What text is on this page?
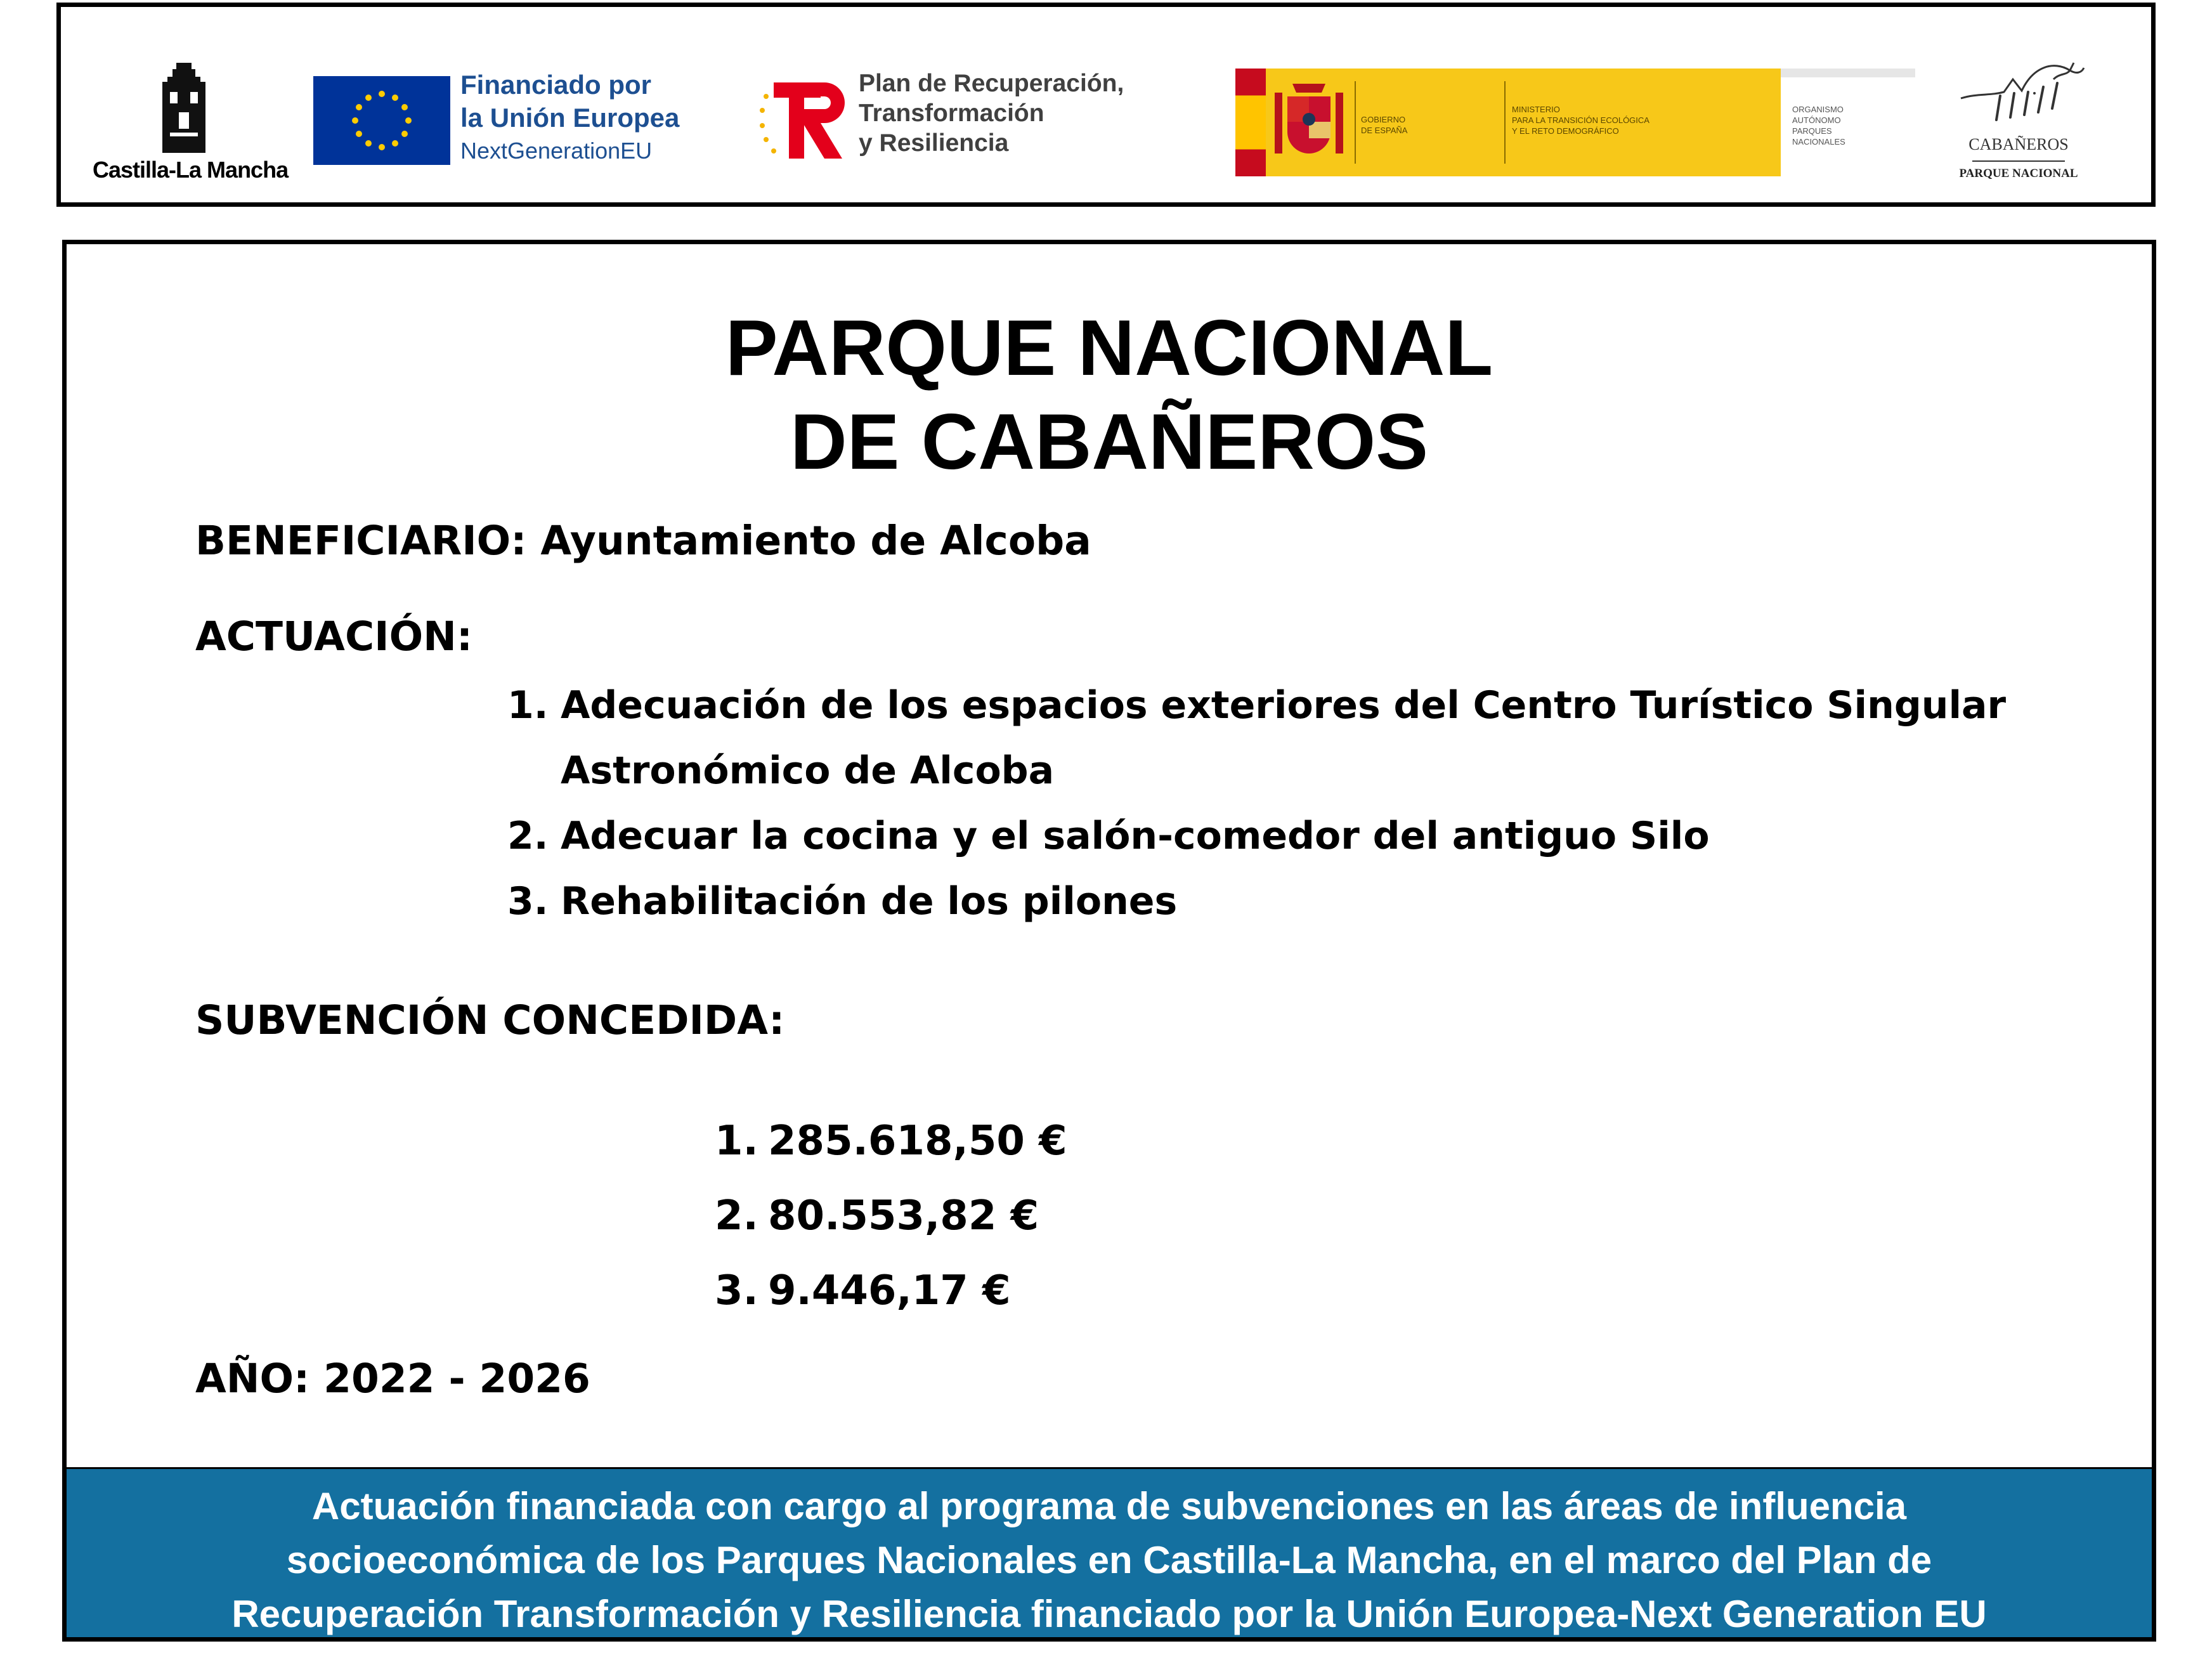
Castilla-La Mancha
Financiado por
la Unión Europea
NextGenerationEU
Plan de Recuperación,
Transformación
y Resiliencia
GOBIERNO
DE ESPAÑA
MINISTERIO
PARA LA TRANSICIÓN ECOLÓGICA
Y EL RETO DEMOGRÁFICO
ORGANISMO
AUTÓNOMO
PARQUES
NACIONALES	CABAÑEROS
PARQUE NACIONAL
PARQUE NACIONAL
DE CABAÑEROS
BENEFICIARIO: Ayuntamiento de Alcoba
ACTUACIÓN:
1. Adecuación de los espacios exteriores del Centro Turístico Singular
Astronómico de Alcoba
2. Adecuar la cocina y el salón-comedor del antiguo Silo
3. Rehabilitación de los pilones
SUBVENCIÓN CONCEDIDA:
1. 285.618,50 €
2. 80.553,82 €
3. 9.446,17 €
AÑO: 2022 - 2026
Actuación financiada con cargo al programa de subvenciones en las áreas de influencia
socioeconómica de los Parques Nacionales en Castilla-La Mancha, en el marco del Plan de
Recuperación Transformación y Resiliencia financiado por la Unión Europea-Next Generation EU
